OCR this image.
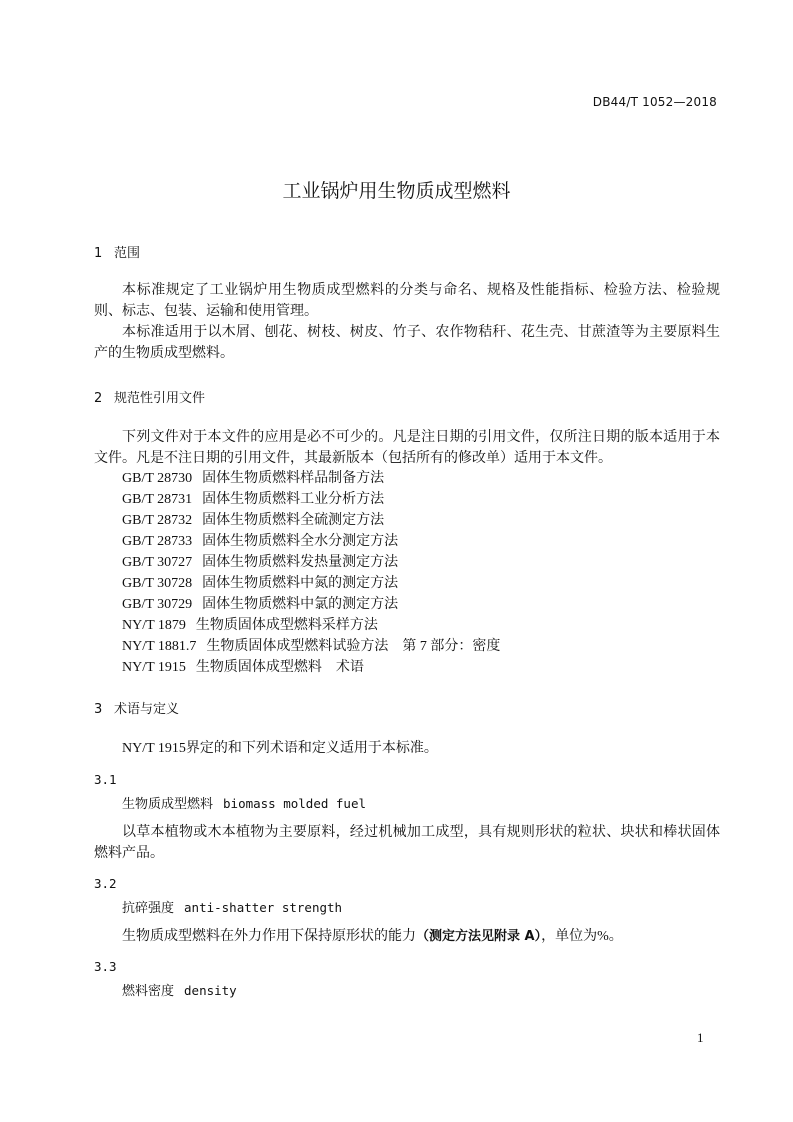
DB44/T 1052—2018
工业锅炉用生物质成型燃料
1 范围

本标准规定了工业锅炉用生物质成型燃料的分类与命名、规格及性能指标、检验方法、检验规则、标志、包装、运输和使用管理。

本标准适用于以木屑、刨花、树枝、树皮、竹子、农作物秸秆、花生壳、甘蔗渣等为主要原料生产的生物质成型燃料。

2 规范性引用文件

下列文件对于本文件的应用是必不可少的。凡是注日期的引用文件，仅所注日期的版本适用于本文件。凡是不注日期的引用文件，其最新版本（包括所有的修改单）适用于本文件。

GB/T 28730 固体生物质燃料样品制备方法
GB/T 28731 固体生物质燃料工业分析方法
GB/T 28732 固体生物质燃料全硫测定方法
GB/T 28733 固体生物质燃料全水分测定方法
GB/T 30727 固体生物质燃料发热量测定方法
GB/T 30728 固体生物质燃料中氮的测定方法
GB/T 30729 固体生物质燃料中氯的测定方法
NY/T 1879 生物质固体成型燃料采样方法
NY/T 1881.7 生物质固体成型燃料试验方法　第 7 部分：密度
NY/T 1915 生物质固体成型燃料　术语
3 术语与定义

NY/T 1915界定的和下列术语和定义适用于本标准。

3.1
生物质成型燃料 biomass molded fuel

以草本植物或木本植物为主要原料，经过机械加工成型，具有规则形状的粒状、块状和棒状固体燃料产品。

3.2
抗碎强度 anti-shatter strength

生物质成型燃料在外力作用下保持原形状的能力（测定方法见附录 A），单位为%。

3.3
燃料密度 density
1
